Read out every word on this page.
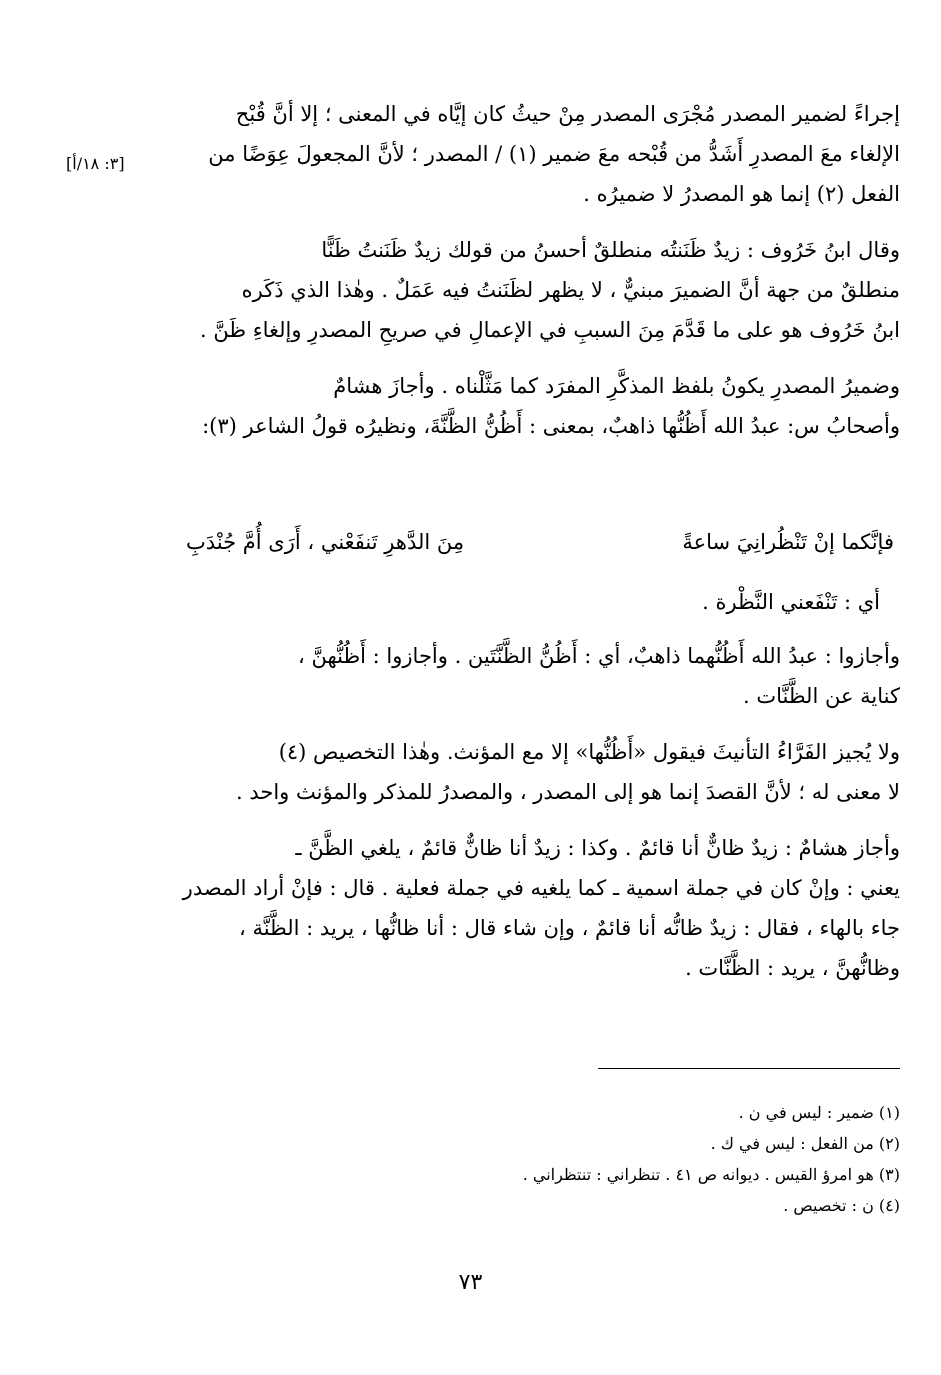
[٣: ١٨/أ]

إجراءً لضمير المصدر مُجْرَى المصدر مِنْ حيثُ كان إيَّاه في المعنى ؛ إلا أنَّ قُبْح

الإلغاء معَ المصدرِ أَشَدُّ من قُبْحه معَ ضمير (١) / المصدر ؛ لأنَّ المجعولَ عِوَضًا من

الفعل (٢) إنما هو المصدرُ لا ضميرُه .

وقال ابنُ خَرُوف : زيدٌ ظَنَنتُه منطلقٌ أحسنُ من قولك زيدٌ ظَنَنتُ ظَنًّا

منطلقٌ من جهة أنَّ الضميرَ مبنيٌّ ، لا يظهر لظَنَنتُ فيه عَمَلٌ . وهٰذا الذي ذَكَره

ابنُ خَرُوف هو على ما قَدَّمَ مِنَ السببِ في الإعمالِ في صريحِ المصدرِ وإلغاءِ ظَنَّ .

وضميرُ المصدرِ يكونُ بلفظ المذكَّرِ المفرَد كما مَثَّلْناه . وأجازَ هشامٌ

وأصحابُ س: عبدُ الله أَظُنُّها ذاهبٌ، بمعنى : أَظُنُّ الظَّنَّةَ، ونظيرُه قولُ الشاعر (٣):

فإنَّكما إنْ تَنْظُرانِيَ ساعةً
مِنَ الدَّهرِ تَنفَعْني ، أَرَى أُمَّ جُنْدَبِ

أي : تَنْفَعني النَّظْرة .

وأجازوا : عبدُ الله أَظُنُّهما ذاهبٌ، أي : أَظُنُّ الظَّنَّتَين . وأجازوا : أَظُنُّهنَّ ،

كناية عن الظَّنَّات .

ولا يُجيز الفَرَّاءُ التأنيثَ فيقول «أَظُنُّها» إلا مع المؤنث. وهٰذا التخصيص (٤)

لا معنى له ؛ لأنَّ القصدَ إنما هو إلى المصدر ، والمصدرُ للمذكر والمؤنث واحد .

وأجاز هشامٌ : زيدٌ ظانٌّ أنا قائمٌ . وكذا : زيدٌ أنا ظانٌّ قائمٌ ، يلغي الظَّنَّ ـ

يعني : وإنْ كان في جملة اسمية ـ كما يلغيه في جملة فعلية . قال : فإنْ أراد المصدر

جاء بالهاء ، فقال : زيدٌ ظانُّه أنا قائمٌ ، وإن شاء قال : أنا ظانُّها ، يريد : الظَّنَّة ،

وظانُّهنَّ ، يريد : الظَّنَّات .

(١) ضمير : ليس في ن .

(٢) من الفعل : ليس في ك .

(٣) هو امرؤ القيس . ديوانه ص ٤١ . تنظراني : تنتظراني .

(٤) ن : تخصيص .

٧٣
